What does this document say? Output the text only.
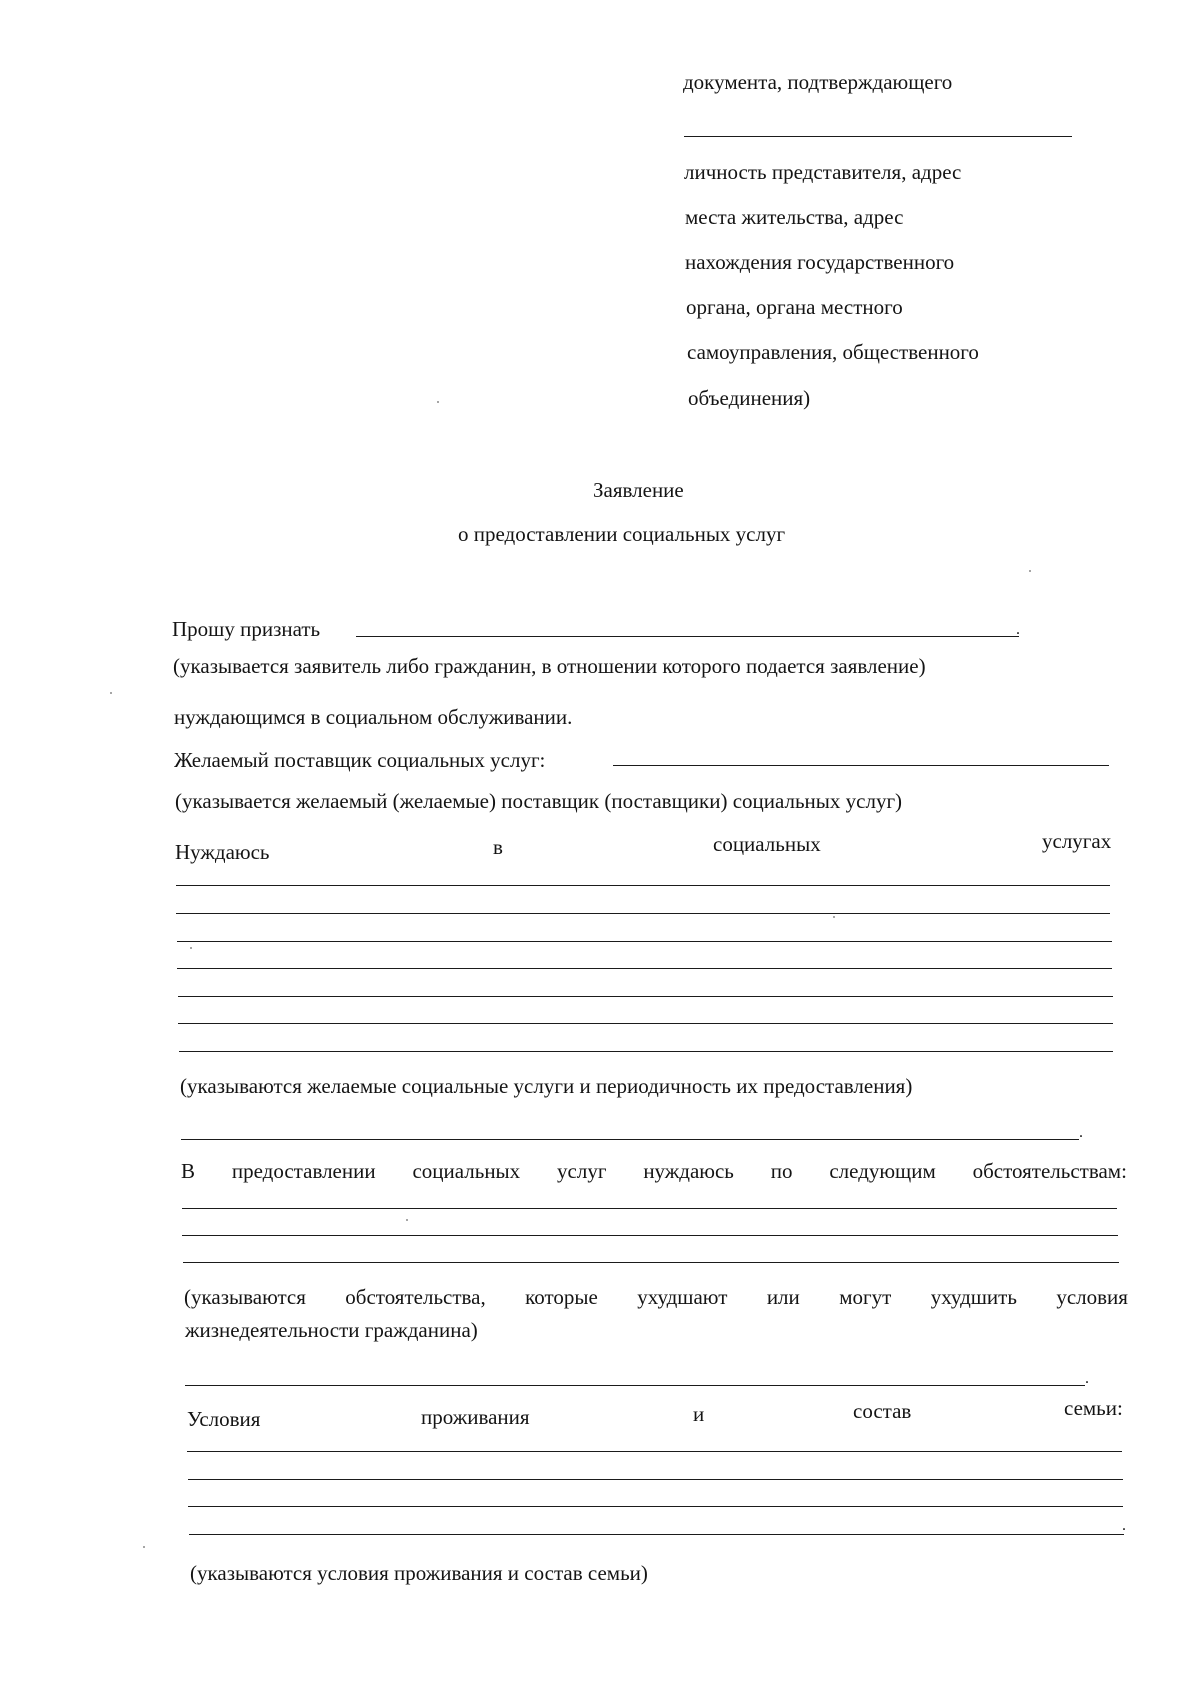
документа, подтверждающего
личность представителя, адрес
места жительства, адрес
нахождения государственного
органа, органа местного
самоуправления, общественного
объединения)
Заявление
о предоставлении социальных услуг
Прошу признать	.
(указывается заявитель либо гражданин, в отношении которого подается заявление)
нуждающимся в социальном обслуживании.
Желаемый поставщик социальных услуг:
(указывается желаемый (желаемые) поставщик (поставщики) социальных услуг)
Нуждаюсь	в	социальных	услугах
(указываются желаемые социальные услуги и периодичность их предоставления)
.
В предоставлении социальных услуг нуждаюсь по следующим обстоятельствам:
(указываются обстоятельства, которые ухудшают или могут ухудшить условия
жизнедеятельности гражданина)
.
Условия	проживания	и	состав	семьи:
.
(указываются условия проживания и состав семьи)
